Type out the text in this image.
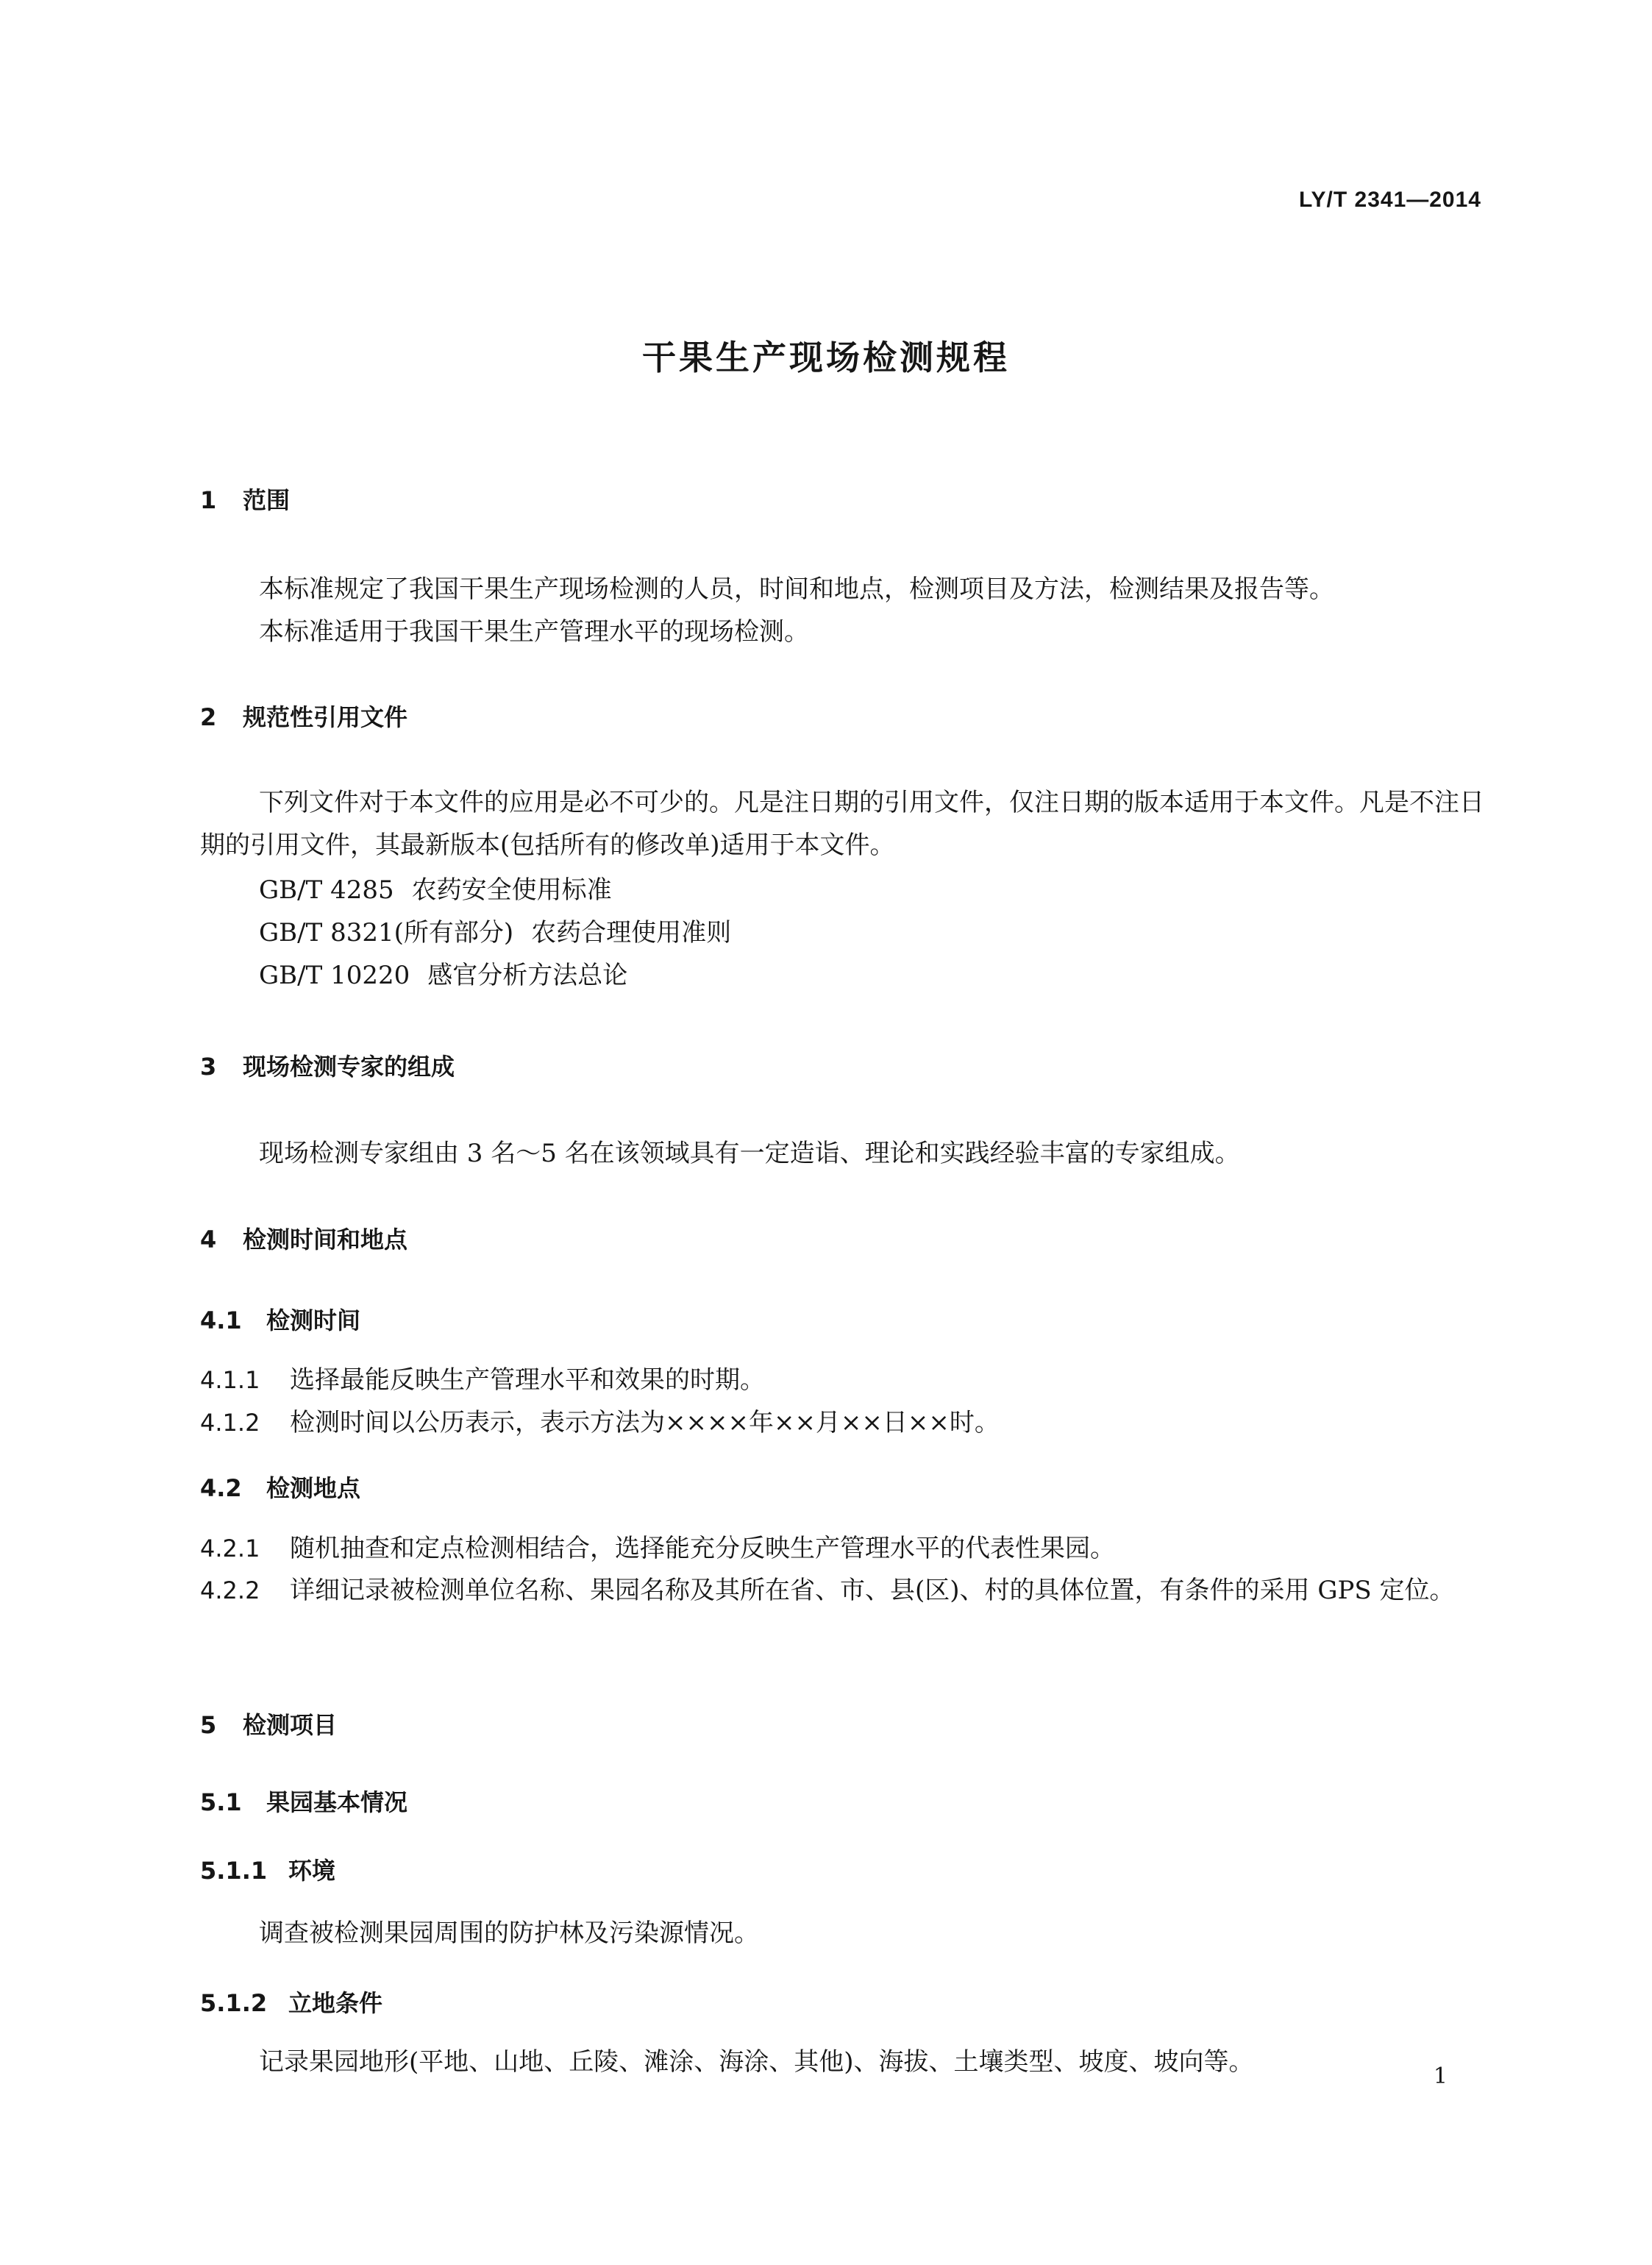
LY/T 2341—2014
干果生产现场检测规程
1 范围
本标准规定了我国干果生产现场检测的人员，时间和地点，检测项目及方法，检测结果及报告等。
本标准适用于我国干果生产管理水平的现场检测。
2 规范性引用文件
下列文件对于本文件的应用是必不可少的。凡是注日期的引用文件，仅注日期的版本适用于本文件。凡是不注日期的引用文件，其最新版本(包括所有的修改单)适用于本文件。
GB/T 4285 农药安全使用标准
GB/T 8321(所有部分) 农药合理使用准则
GB/T 10220 感官分析方法总论
3 现场检测专家的组成
现场检测专家组由 3 名～5 名在该领域具有一定造诣、理论和实践经验丰富的专家组成。
4 检测时间和地点
4.1 检测时间
4.1.1 选择最能反映生产管理水平和效果的时期。
4.1.2 检测时间以公历表示，表示方法为××××年××月××日××时。
4.2 检测地点
4.2.1 随机抽查和定点检测相结合，选择能充分反映生产管理水平的代表性果园。
4.2.2 详细记录被检测单位名称、果园名称及其所在省、市、县(区)、村的具体位置，有条件的采用 GPS 定位。
5 检测项目
5.1 果园基本情况
5.1.1 环境
调查被检测果园周围的防护林及污染源情况。
5.1.2 立地条件
记录果园地形(平地、山地、丘陵、滩涂、海涂、其他)、海拔、土壤类型、坡度、坡向等。	1
